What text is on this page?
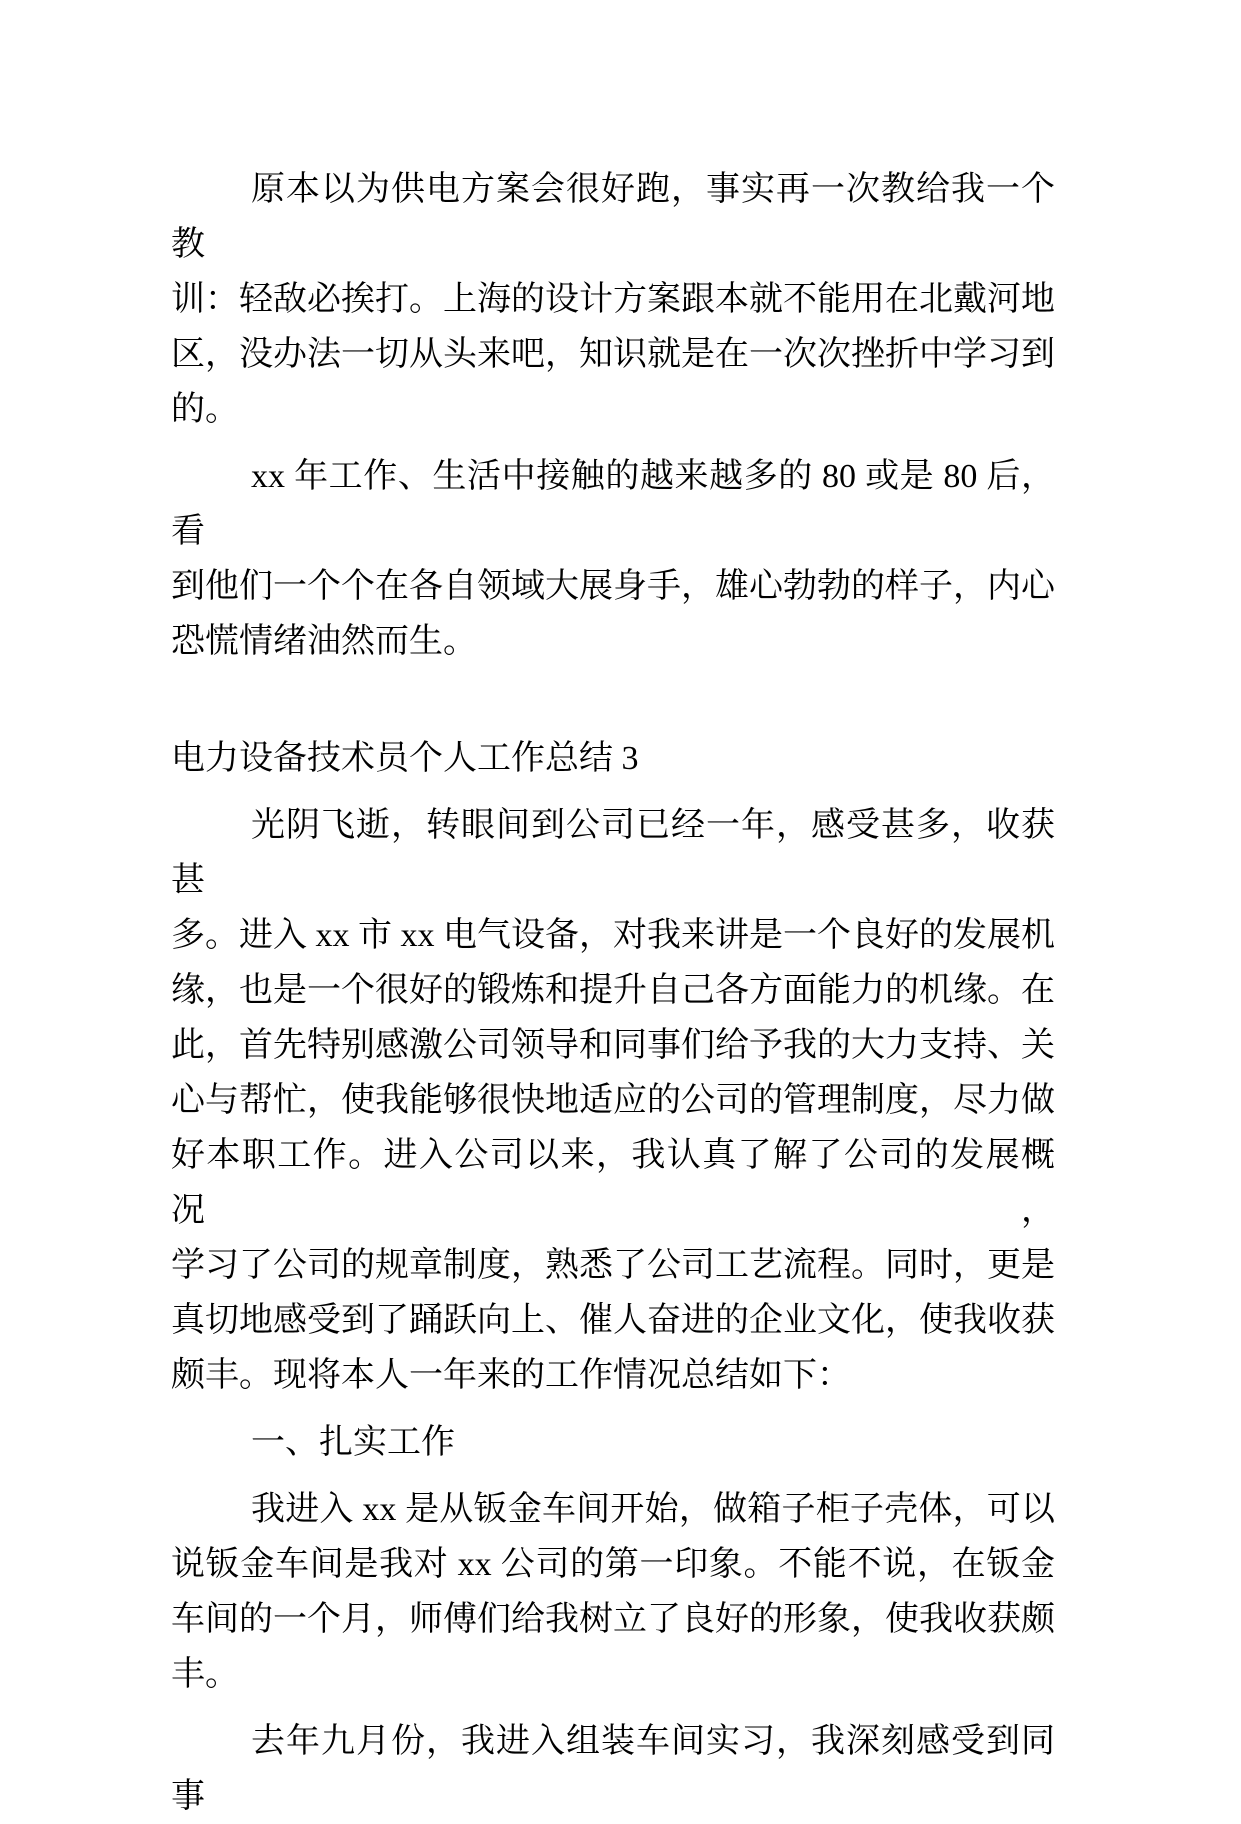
原本以为供电方案会很好跑，事实再一次教给我一个教
训：轻敌必挨打。上海的设计方案跟本就不能用在北戴河地
区，没办法一切从头来吧，知识就是在一次次挫折中学习到
的。
xx 年工作、生活中接触的越来越多的 80 或是 80 后，看
到他们一个个在各自领域大展身手，雄心勃勃的样子，内心
恐慌情绪油然而生。
电力设备技术员个人工作总结 3
光阴飞逝，转眼间到公司已经一年，感受甚多，收获甚
多。进入 xx 市 xx 电气设备，对我来讲是一个良好的发展机
缘，也是一个很好的锻炼和提升自己各方面能力的机缘。在
此，首先特别感激公司领导和同事们给予我的大力支持、关
心与帮忙，使我能够很快地适应的公司的管理制度，尽力做
好本职工作。进入公司以来，我认真了解了公司的发展概况，
学习了公司的规章制度，熟悉了公司工艺流程。同时，更是
真切地感受到了踊跃向上、催人奋进的企业文化，使我收获
颇丰。现将本人一年来的工作情况总结如下：
一、扎实工作
我进入 xx 是从钣金车间开始，做箱子柜子壳体，可以
说钣金车间是我对 xx 公司的第一印象。不能不说，在钣金
车间的一个月，师傅们给我树立了良好的形象，使我收获颇
丰。
去年九月份，我进入组装车间实习，我深刻感受到同事
